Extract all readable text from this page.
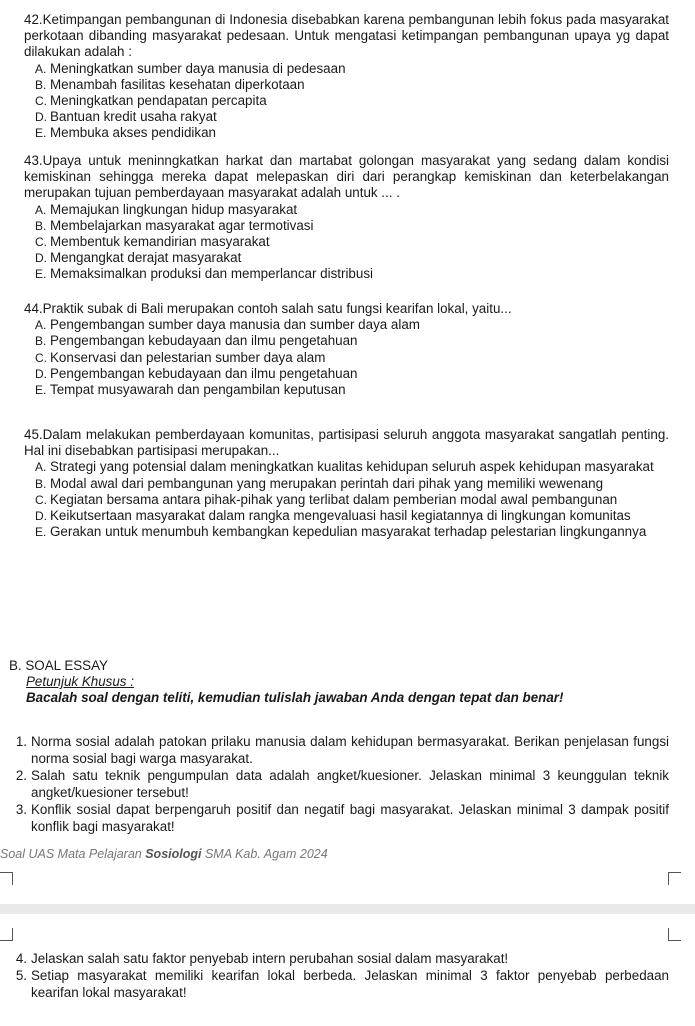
42.Ketimpangan pembangunan di Indonesia disebabkan karena pembangunan lebih fokus pada masyarakat perkotaan dibanding masyarakat pedesaan. Untuk mengatasi ketimpangan pembangunan upaya yg dapat dilakukan adalah :
A. Meningkatkan sumber daya manusia di pedesaan
B. Menambah fasilitas kesehatan diperkotaan
C. Meningkatkan pendapatan percapita
D. Bantuan kredit usaha rakyat
E. Membuka akses pendidikan
43.Upaya untuk meninngkatkan harkat dan martabat golongan masyarakat yang sedang dalam kondisi kemiskinan sehingga mereka dapat melepaskan diri dari perangkap kemiskinan dan keterbelakangan merupakan tujuan pemberdayaan masyarakat adalah untuk ... .
A. Memajukan lingkungan hidup masyarakat
B. Membelajarkan masyarakat agar termotivasi
C. Membentuk kemandirian masyarakat
D. Mengangkat derajat masyarakat
E. Memaksimalkan produksi dan memperlancar distribusi
44.Praktik subak di Bali merupakan contoh salah satu fungsi kearifan lokal, yaitu...
A. Pengembangan sumber daya manusia dan sumber daya alam
B. Pengembangan kebudayaan dan ilmu pengetahuan
C. Konservasi dan pelestarian sumber daya alam
D. Pengembangan kebudayaan dan ilmu pengetahuan
E. Tempat musyawarah dan pengambilan keputusan
45.Dalam melakukan pemberdayaan komunitas, partisipasi seluruh anggota masyarakat sangatlah penting. Hal ini disebabkan partisipasi merupakan...
A. Strategi yang potensial dalam meningkatkan kualitas kehidupan seluruh aspek kehidupan masyarakat
B. Modal awal dari pembangunan yang merupakan perintah dari pihak yang memiliki wewenang
C. Kegiatan bersama antara pihak-pihak yang terlibat dalam pemberian modal awal pembangunan
D. Keikutsertaan masyarakat dalam rangka mengevaluasi hasil kegiatannya di lingkungan komunitas
E. Gerakan untuk menumbuh kembangkan kepedulian masyarakat terhadap pelestarian lingkungannya
B. SOAL ESSAY
Petunjuk Khusus :
Bacalah soal dengan teliti, kemudian tulislah jawaban Anda dengan tepat dan benar!
1. Norma sosial adalah patokan prilaku manusia dalam kehidupan bermasyarakat. Berikan penjelasan fungsi norma sosial bagi warga masyarakat.
2. Salah satu teknik pengumpulan data adalah angket/kuesioner. Jelaskan minimal 3 keunggulan teknik angket/kuesioner tersebut!
3. Konflik sosial dapat berpengaruh positif dan negatif bagi masyarakat. Jelaskan minimal 3 dampak positif konflik bagi masyarakat!
Soal UAS Mata Pelajaran Sosiologi SMA Kab. Agam 2024
4. Jelaskan salah satu faktor penyebab intern perubahan sosial dalam masyarakat!
5. Setiap masyarakat memiliki kearifan lokal berbeda. Jelaskan minimal 3 faktor penyebab perbedaan kearifan lokal masyarakat!
